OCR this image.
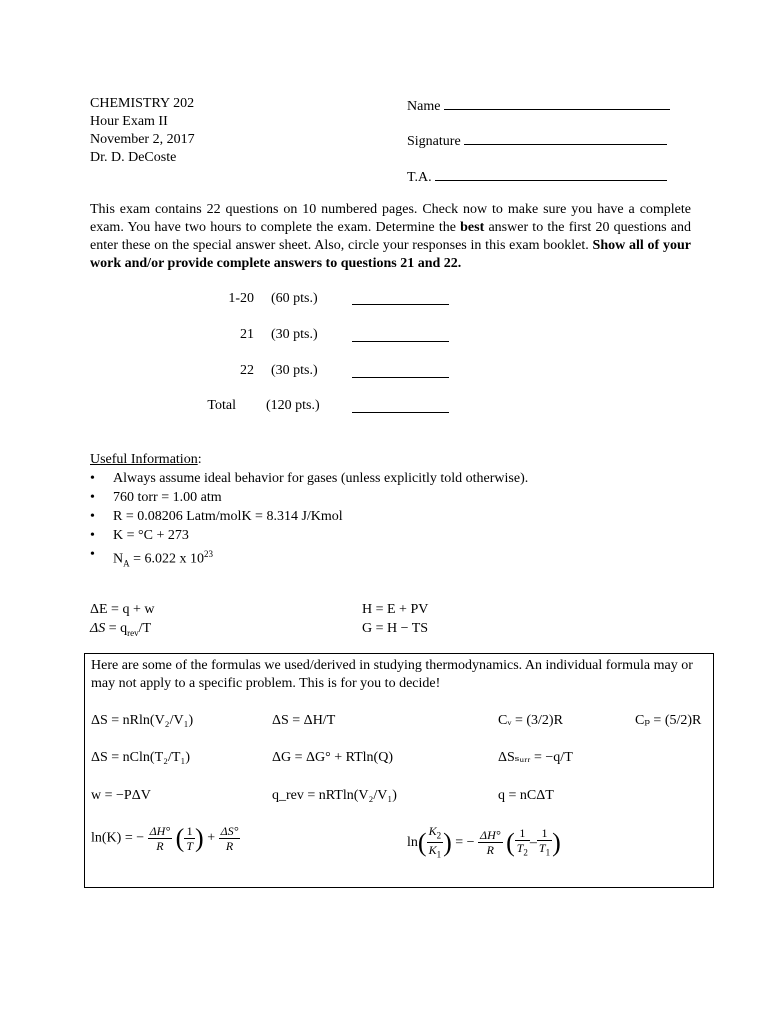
CHEMISTRY 202
Hour Exam II
November 2, 2017
Dr. D. DeCoste
Name
Signature
T.A.
This exam contains 22 questions on 10 numbered pages. Check now to make sure you have a complete exam. You have two hours to complete the exam. Determine the best answer to the first 20 questions and enter these on the special answer sheet. Also, circle your responses in this exam booklet. Show all of your work and/or provide complete answers to questions 21 and 22.
1-20 (60 pts.)
21 (30 pts.)
22 (30 pts.)
Total (120 pts.)
Useful Information:
• Always assume ideal behavior for gases (unless explicitly told otherwise).
• 760 torr = 1.00 atm
• R = 0.08206 Latm/molK = 8.314 J/Kmol
• K = °C + 273
• $N_A = 6.022$ x $10^{23}$
ΔE = q + w	H = E + PV
$\Delta S = q_{rev}/T$	G = H − TS
Here are some of the formulas we used/derived in studying thermodynamics. An individual formula may or may not apply to a specific problem. This is for you to decide!
ΔS = nRln(V₂/V₁)	ΔS = ΔH/T	Cᵥ = (3/2)R	Cₚ = (5/2)R
ΔS = nCln(T₂/T₁)	ΔG = ΔG° + RTln(Q)	ΔSₛᵤᵣᵣ = −q/T
w = −PΔV	q_rev = nRTln(V₂/V₁)	q = nCΔT
ln(K) = − $\frac{\Delta H^\circ}{R}$ ( $\frac{1}{T}$ ) + $\frac{\Delta S^\circ}{R}$	$\ln( \frac{K_2}{K_1}$ ) = − $\frac{\Delta H^\circ}{R}$ ( $\frac{1}{T_2} - \frac{1}{T_1}$ )
